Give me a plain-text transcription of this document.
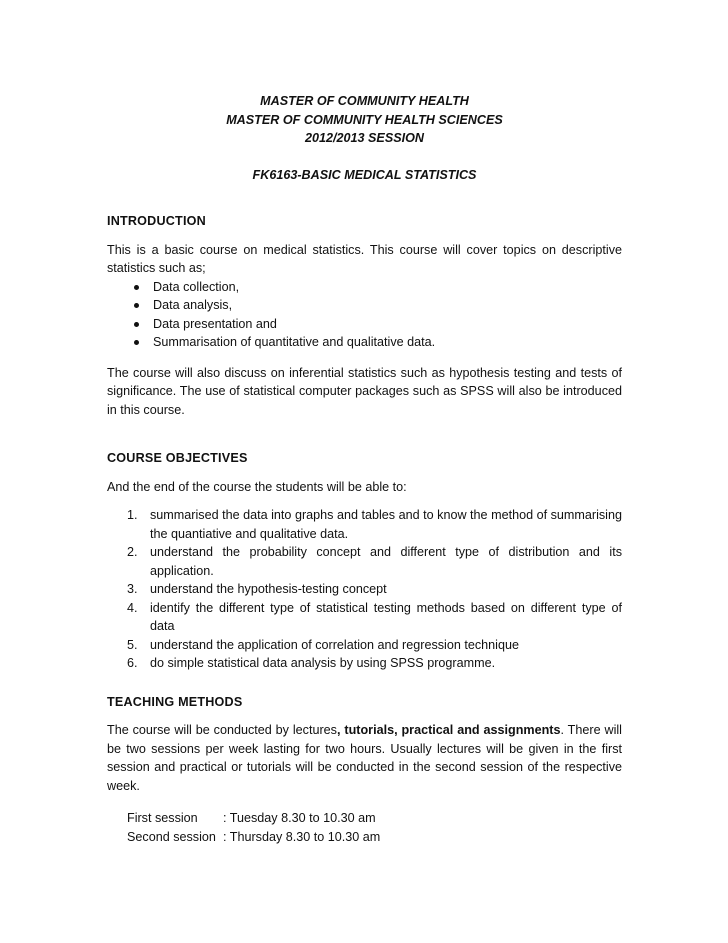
MASTER OF COMMUNITY HEALTH
MASTER OF COMMUNITY HEALTH SCIENCES
2012/2013 SESSION
FK6163-BASIC MEDICAL STATISTICS
INTRODUCTION

This is a basic course on medical statistics. This course will cover topics on descriptive statistics such as;

Data collection,
Data analysis,
Data presentation and
Summarisation of quantitative and qualitative data.

The course will also discuss on inferential statistics such as hypothesis testing and tests of significance. The use of statistical computer packages such as SPSS will also be introduced in this course.

COURSE OBJECTIVES

And the end of the course the students will be able to:

1. summarised the data into graphs and tables and to know the method of summarising the quantiative and qualitative data.
2. understand the probability concept and different type of distribution and its application.
3. understand the hypothesis-testing concept
4. identify the different type of statistical testing methods based on different type of data
5. understand the application of correlation and regression technique
6. do simple statistical data analysis by using SPSS programme.
TEACHING METHODS

The course will be conducted by lectures, tutorials, practical and assignments. There will be two sessions per week lasting for two hours. Usually lectures will be given in the first session and practical or tutorials will be conducted in the second session of the respective week.

First session	: Tuesday 8.30 to 10.30 am
Second session : Thursday 8.30 to 10.30 am
